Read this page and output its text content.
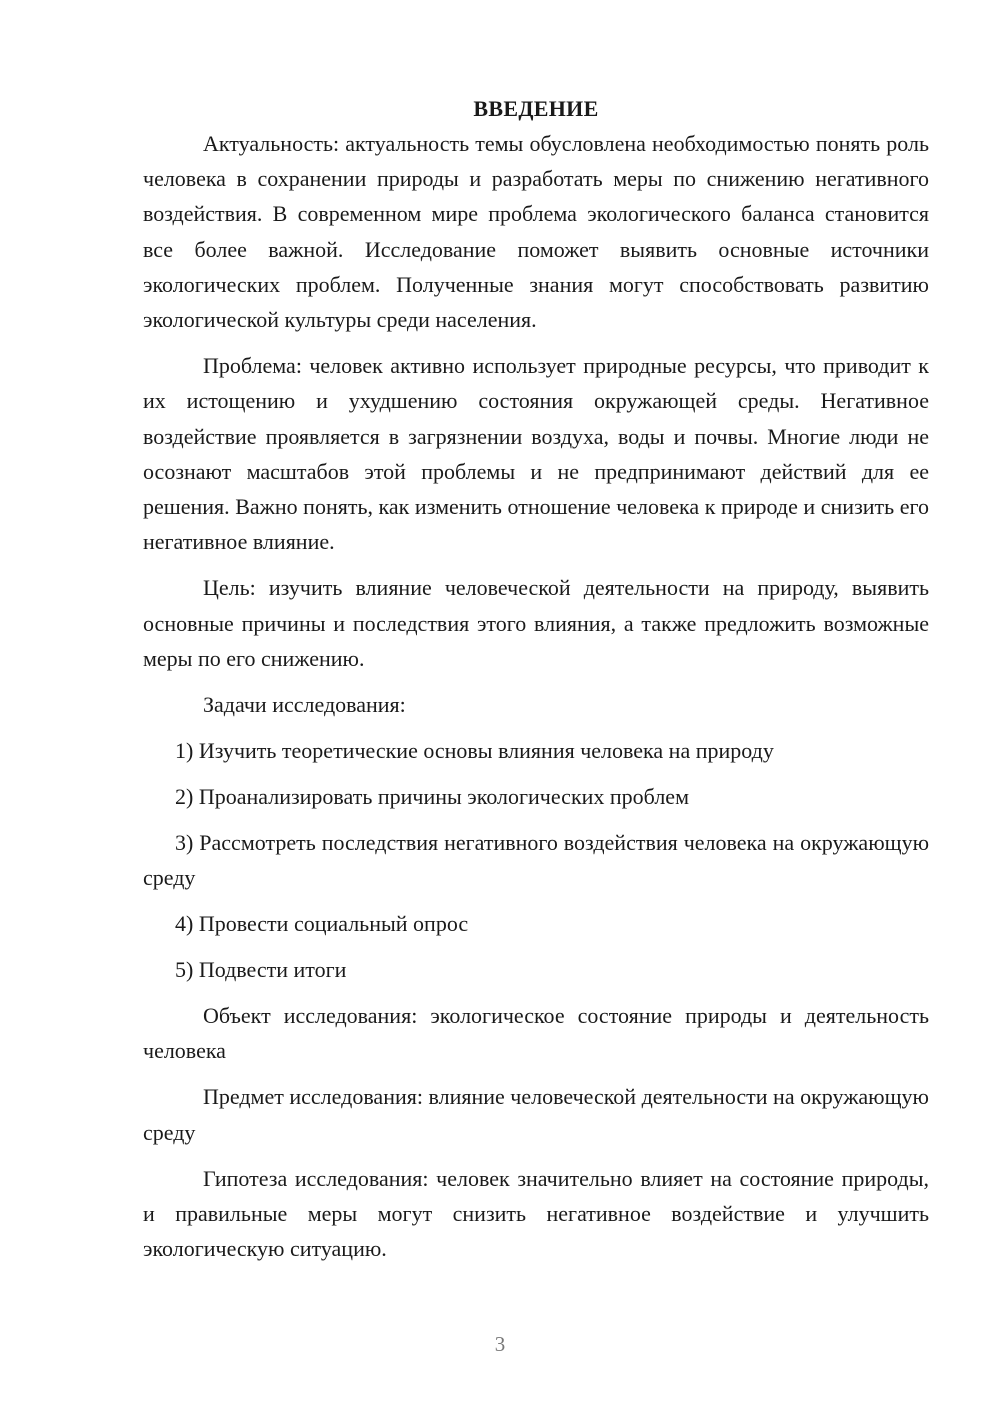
ВВЕДЕНИЕ

Актуальность: актуальность темы обусловлена необходимостью понять роль человека в сохранении природы и разработать меры по снижению негативного воздействия. В современном мире проблема экологического баланса становится все более важной. Исследование поможет выявить основные источники экологических проблем. Полученные знания могут способствовать развитию экологической культуры среди населения.

Проблема: человек активно использует природные ресурсы, что приводит к их истощению и ухудшению состояния окружающей среды. Негативное воздействие проявляется в загрязнении воздуха, воды и почвы. Многие люди не осознают масштабов этой проблемы и не предпринимают действий для ее решения. Важно понять, как изменить отношение человека к природе и снизить его негативное влияние.

Цель: изучить влияние человеческой деятельности на природу, выявить основные причины и последствия этого влияния, а также предложить возможные меры по его снижению.

Задачи исследования:

1) Изучить теоретические основы влияния человека на природу

2) Проанализировать причины экологических проблем

3) Рассмотреть последствия негативного воздействия человека на окружающую среду

4) Провести социальный опрос

5) Подвести итоги

Объект исследования: экологическое состояние природы и деятельность человека

Предмет исследования: влияние человеческой деятельности на окружающую среду

Гипотеза исследования: человек значительно влияет на состояние природы, и правильные меры могут снизить негативное воздействие и улучшить экологическую ситуацию.

3
